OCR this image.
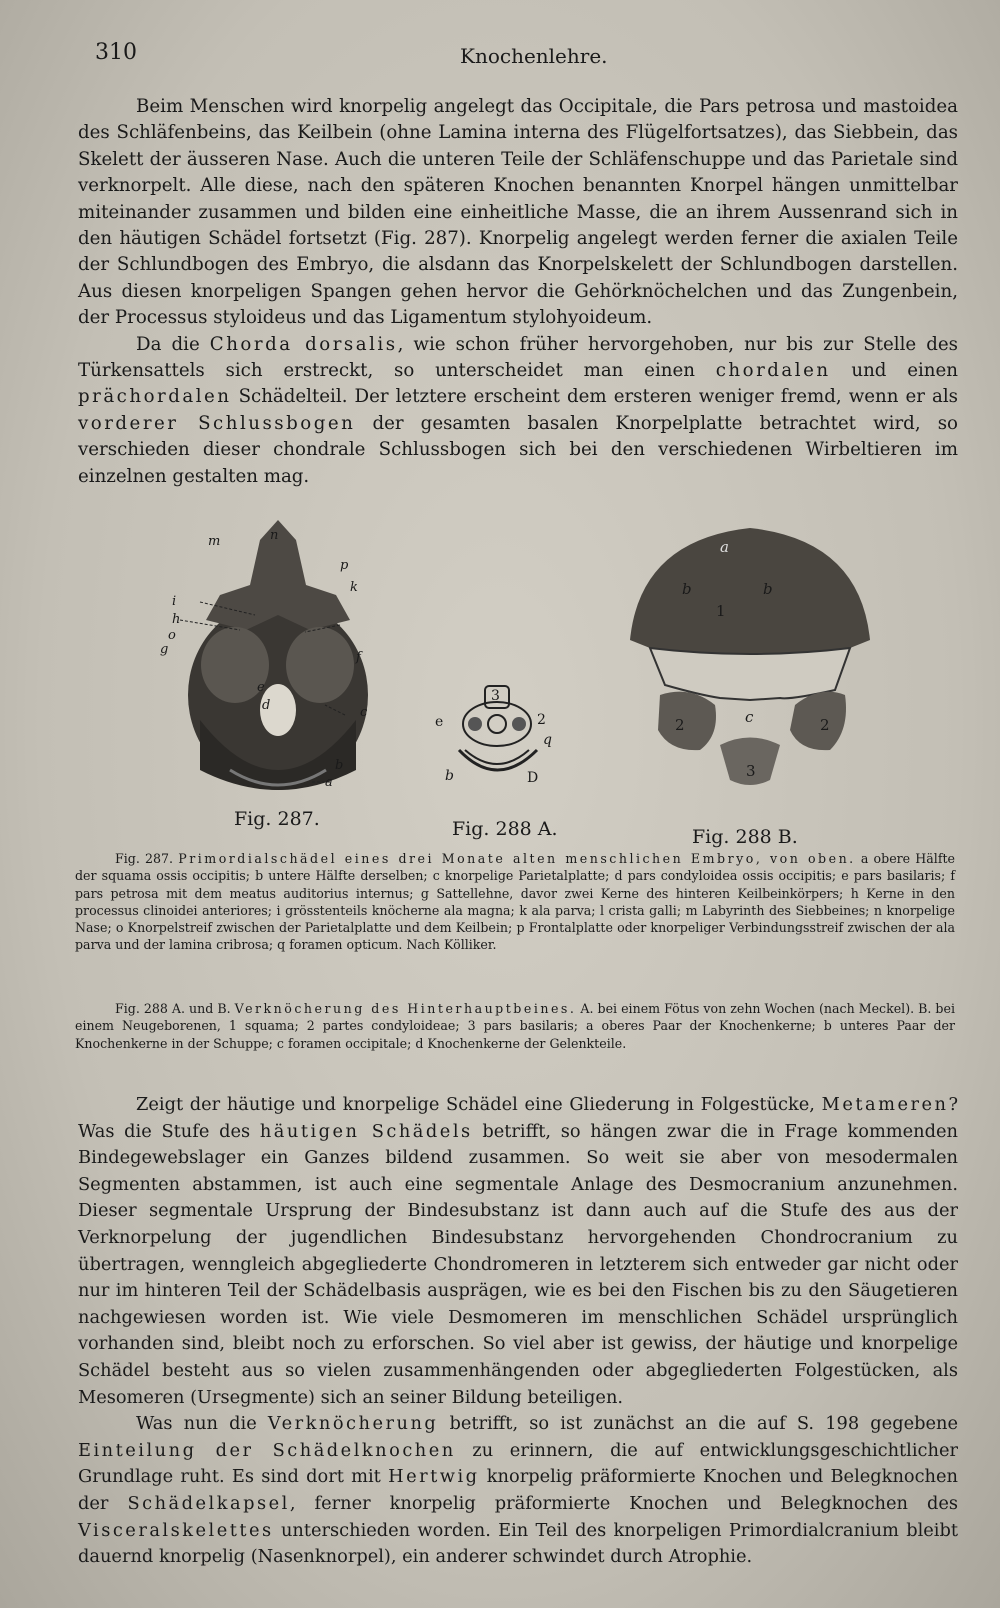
310	Knochenlehre.

Beim Menschen wird knorpelig angelegt das Occipitale, die Pars petrosa und mastoidea des Schläfenbeins, das Keilbein (ohne Lamina interna des Flügelfortsatzes), das Siebbein, das Skelett der äusseren Nase. Auch die unteren Teile der Schläfenschuppe und das Parietale sind verknorpelt. Alle diese, nach den späteren Knochen benannten Knorpel hängen unmittelbar miteinander zusammen und bilden eine einheitliche Masse, die an ihrem Aussenrand sich in den häutigen Schädel fortsetzt (Fig. 287). Knorpelig angelegt werden ferner die axialen Teile der Schlundbogen des Embryo, die alsdann das Knorpelskelett der Schlundbogen darstellen. Aus diesen knorpeligen Spangen gehen hervor die Gehörknöchelchen und das Zungenbein, der Processus styloideus und das Ligamentum stylohyoideum.

Da die Chorda dorsalis, wie schon früher hervorgehoben, nur bis zur Stelle des Türkensattels sich erstreckt, so unterscheidet man einen chordalen und einen prächordalen Schädelteil. Der letztere erscheint dem ersteren weniger fremd, wenn er als vorderer Schlussbogen der gesamten basalen Knorpelplatte betrachtet wird, so verschieden dieser chondrale Schlussbogen sich bei den verschiedenen Wirbeltieren im einzelnen gestalten mag.

n
m
p
k
i
h
o
g
e
d
f
c
b
a
Fig. 287.
3
e	2
q
b	D
Fig. 288 A.
a
b
1
b
2	c	2
3
Fig. 288 B.

Fig. 287. Primordialschädel eines drei Monate alten menschlichen Embryo, von oben. a obere Hälfte der squama ossis occipitis; b untere Hälfte derselben; c knorpelige Parietalplatte; d pars condyloidea ossis occipitis; e pars basilaris; f pars petrosa mit dem meatus auditorius internus; g Sattellehne, davor zwei Kerne des hinteren Keilbeinkörpers; h Kerne in den processus clinoidei anteriores; i grösstenteils knöcherne ala magna; k ala parva; l crista galli; m Labyrinth des Siebbeines; n knorpelige Nase; o Knorpelstreif zwischen der Parietalplatte und dem Keilbein; p Frontalplatte oder knorpeliger Verbindungsstreif zwischen der ala parva und der lamina cribrosa; q foramen opticum. Nach Kölliker.

Fig. 288 A. und B. Verknöcherung des Hinterhauptbeines. A. bei einem Fötus von zehn Wochen (nach Meckel). B. bei einem Neugeborenen, 1 squama; 2 partes condyloideae; 3 pars basilaris; a oberes Paar der Knochenkerne; b unteres Paar der Knochenkerne in der Schuppe; c foramen occipitale; d Knochenkerne der Gelenkteile.

Zeigt der häutige und knorpelige Schädel eine Gliederung in Folgestücke, Metameren? Was die Stufe des häutigen Schädels betrifft, so hängen zwar die in Frage kommenden Bindegewebslager ein Ganzes bildend zusammen. So weit sie aber von mesodermalen Segmenten abstammen, ist auch eine segmentale Anlage des Desmocranium anzunehmen. Dieser segmentale Ursprung der Bindesubstanz ist dann auch auf die Stufe des aus der Verknorpelung der jugendlichen Bindesubstanz hervorgehenden Chondrocranium zu übertragen, wenngleich abgegliederte Chondromeren in letzterem sich entweder gar nicht oder nur im hinteren Teil der Schädelbasis ausprägen, wie es bei den Fischen bis zu den Säugetieren nachgewiesen worden ist. Wie viele Desmomeren im menschlichen Schädel ursprünglich vorhanden sind, bleibt noch zu erforschen. So viel aber ist gewiss, der häutige und knorpelige Schädel besteht aus so vielen zusammenhängenden oder abgegliederten Folgestücken, als Mesomeren (Ursegmente) sich an seiner Bildung beteiligen.

Was nun die Verknöcherung betrifft, so ist zunächst an die auf S. 198 gegebene Einteilung der Schädelknochen zu erinnern, die auf entwicklungsgeschichtlicher Grundlage ruht. Es sind dort mit Hertwig knorpelig präformierte Knochen und Belegknochen der Schädelkapsel, ferner knorpelig präformierte Knochen und Belegknochen des Visceralskelettes unterschieden worden. Ein Teil des knorpeligen Primordialcranium bleibt dauernd knorpelig (Nasenknorpel), ein anderer schwindet durch Atrophie.
